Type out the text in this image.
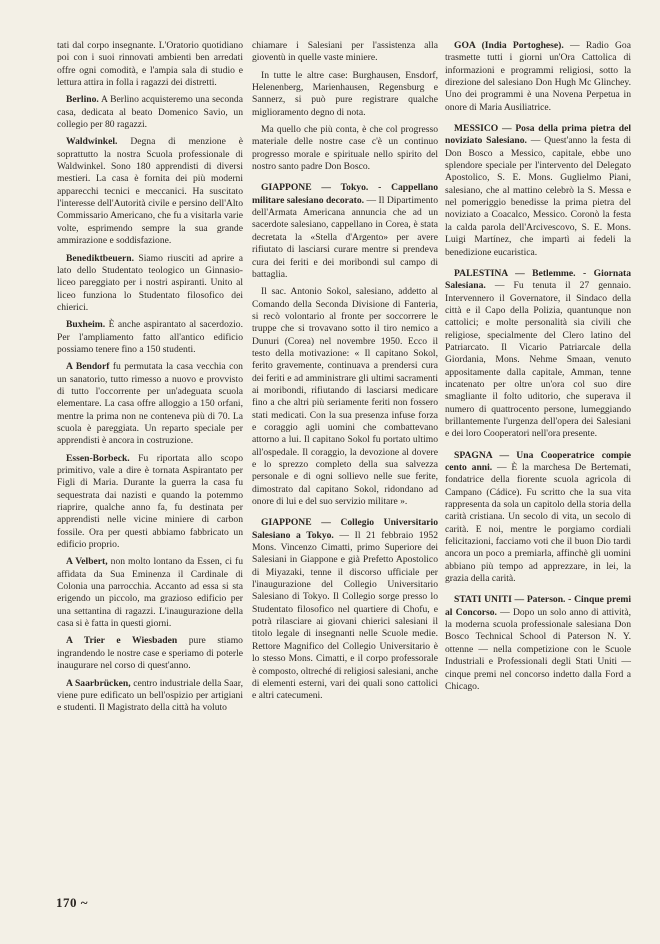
tati dal corpo insegnante. L'Oratorio quotidiano poi con i suoi rinnovati ambienti ben arredati offre ogni comodità, e l'ampia sala di studio e lettura attira in folla i ragazzi dei distretti.

Berlino. A Berlino acquisteremo una seconda casa, dedicata al beato Domenico Savio, un collegio per 80 ragazzi.

Waldwinkel. Degna di menzione è soprattutto la nostra Scuola professionale di Waldwinkel. Sono 180 apprendisti di diversi mestieri. La casa è fornita dei più moderni apparecchi tecnici e meccanici. Ha suscitato l'interesse dell'Autorità civile e persino dell'Alto Commissario Americano, che fu a visitarla varie volte, esprimendo sempre la sua grande ammirazione e soddisfazione.

Benediktbeuern. Siamo riusciti ad aprire a lato dello Studentato teologico un Ginnasio-liceo pareggiato per i nostri aspiranti. Unito al liceo funziona lo Studentato filosofico dei chierici.

Buxheim. È anche aspirantato al sacerdozio. Per l'ampliamento fatto all'antico edificio possiamo tenere fino a 150 studenti.

A Bendorf fu permutata la casa vecchia con un sanatorio, tutto rimesso a nuovo e provvisto di tutto l'occorrente per un'adeguata scuola elementare. La casa offre alloggio a 150 orfani, mentre la prima non ne conteneva più di 70. La scuola è pareggiata. Un reparto speciale per apprendisti è ancora in costruzione.

Essen-Borbeck. Fu riportata allo scopo primitivo, vale a dire è tornata Aspirantato per Figli di Maria. Durante la guerra la casa fu sequestrata dai nazisti e quando la potemmo riaprire, qualche anno fa, fu destinata per apprendisti nelle vicine miniere di carbon fossile. Ora per questi abbiamo fabbricato un edificio proprio.

A Velbert, non molto lontano da Essen, ci fu affidata da Sua Eminenza il Cardinale di Colonia una parrocchia. Accanto ad essa si sta erigendo un piccolo, ma grazioso edificio per una settantina di ragazzi. L'inaugurazione della casa si è fatta in questi giorni.

A Trier e Wiesbaden pure stiamo ingrandendo le nostre case e speriamo di poterle inaugurare nel corso di quest'anno.

A Saarbrücken, centro industriale della Saar, viene pure edificato un bell'ospizio per artigiani e studenti. Il Magistrato della città ha voluto

chiamare i Salesiani per l'assistenza alla gioventù in quelle vaste miniere.

In tutte le altre case: Burghausen, Ensdorf, Helenenberg, Marienhausen, Regensburg e Sannerz, si può pure registrare qualche miglioramento degno di nota.

Ma quello che più conta, è che col progresso materiale delle nostre case c'è un continuo progresso morale e spirituale nello spirito del nostro santo padre Don Bosco.

GIAPPONE — Tokyo. - Cappellano militare salesiano decorato. — Il Dipartimento dell'Armata Americana annuncia che ad un sacerdote salesiano, cappellano in Corea, è stata decretata la «Stella d'Argento» per avere rifiutato di lasciarsi curare mentre si prendeva cura dei feriti e dei moribondi sul campo di battaglia.

Il sac. Antonio Sokol, salesiano, addetto al Comando della Seconda Divisione di Fanteria, si recò volontario al fronte per soccorrere le truppe che si trovavano sotto il tiro nemico a Dunuri (Corea) nel novembre 1950. Ecco il testo della motivazione: « Il capitano Sokol, ferito gravemente, continuava a prendersi cura dei feriti e ad amministrare gli ultimi sacramenti ai moribondi, rifiutando di lasciarsi medicare fino a che altri più seriamente feriti non fossero stati medicati. Con la sua presenza infuse forza e coraggio agli uomini che combattevano attorno a lui. Il capitano Sokol fu portato ultimo all'ospedale. Il coraggio, la devozione al dovere e lo sprezzo completo della sua salvezza personale e di ogni sollievo nelle sue ferite, dimostrato dal capitano Sokol, ridondano ad onore di lui e del suo servizio militare ».

GIAPPONE — Collegio Universitario Salesiano a Tokyo. — Il 21 febbraio 1952 Mons. Vincenzo Cimatti, primo Superiore dei Salesiani in Giappone e già Prefetto Apostolico di Miyazaki, tenne il discorso ufficiale per l'inaugurazione del Collegio Universitario Salesiano di Tokyo. Il Collegio sorge presso lo Studentato filosofico nel quartiere di Chofu, e potrà rilasciare ai giovani chierici salesiani il titolo legale di insegnanti nelle Scuole medie. Rettore Magnifico del Collegio Universitario è lo stesso Mons. Cimatti, e il corpo professorale è composto, oltreché di religiosi salesiani, anche di elementi esterni, vari dei quali sono cattolici e altri catecumeni.

GOA (India Portoghese). — Radio Goa trasmette tutti i giorni un'Ora Cattolica di informazioni e programmi religiosi, sotto la direzione del salesiano Don Hugh Mc Glinchey. Uno dei programmi è una Novena Perpetua in onore di Maria Ausiliatrice.

MESSICO — Posa della prima pietra del noviziato Salesiano. — Quest'anno la festa di Don Bosco a Messico, capitale, ebbe uno splendore speciale per l'intervento del Delegato Apostolico, S. E. Mons. Guglielmo Piani, salesiano, che al mattino celebrò la S. Messa e nel pomeriggio benedisse la prima pietra del noviziato a Coacalco, Messico. Coronò la festa la calda parola dell'Arcivescovo, S. E. Mons. Luigi Martínez, che impartì ai fedeli la benedizione eucaristica.

PALESTINA — Betlemme. - Giornata Salesiana. — Fu tenuta il 27 gennaio. Intervennero il Governatore, il Sindaco della città e il Capo della Polizia, quantunque non cattolici; e molte personalità sia civili che religiose, specialmente del Clero latino del Patriarcato. Il Vicario Patriarcale della Giordania, Mons. Nehme Smaan, venuto appositamente dalla capitale, Amman, tenne incatenato per oltre un'ora col suo dire smagliante il folto uditorio, che superava il numero di quattrocento persone, lumeggiando brillantemente l'urgenza dell'opera dei Salesiani e dei loro Cooperatori nell'ora presente.

SPAGNA — Una Cooperatrice compie cento anni. — È la marchesa De Bertemati, fondatrice della fiorente scuola agricola di Campano (Cádice). Fu scritto che la sua vita rappresenta da sola un capitolo della storia della carità cristiana. Un secolo di vita, un secolo di carità. E noi, mentre le porgiamo cordiali felicitazioni, facciamo voti che il buon Dio tardi ancora un poco a premiarla, affinchè gli uomini abbiano più tempo ad apprezzare, in lei, la grazia della carità.

STATI UNITI — Paterson. - Cinque premi al Concorso. — Dopo un solo anno di attività, la moderna scuola professionale salesiana Don Bosco Technical School di Paterson N. Y. ottenne — nella competizione con le Scuole Industriali e Professionali degli Stati Uniti — cinque premi nel concorso indetto dalla Ford a Chicago.

170 ~
